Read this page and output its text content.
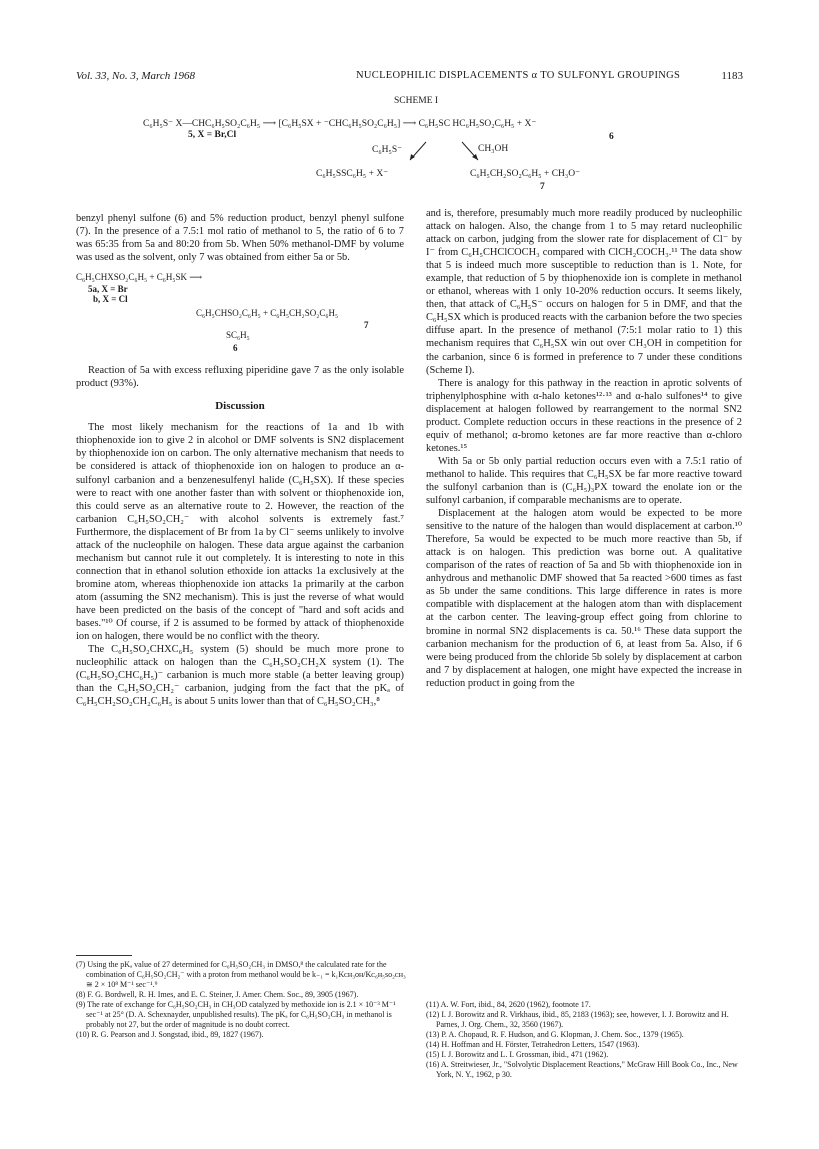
Vol. 33, No. 3, March 1968	NUCLEOPHILIC DISPLACEMENTS α TO SULFONYL GROUPINGS	1183
SCHEME I
C₆H₅S⁻ X—CHC₆H₅SO₂C₆H₅ ⟶ [C₆H₅SX + ⁻CHC₆H₅SO₂C₆H₅] ⟶ C₆H₅SC HC₆H₅SO₂C₆H₅ + X⁻
5, X = Br,Cl	6
C₆H₅S⁻	CH₃OH
C₆H₅SSC₆H₅ + X⁻	C₆H₅CH₂SO₂C₆H₅ + CH₃O⁻
7

benzyl phenyl sulfone (6) and 5% reduction product, benzyl phenyl sulfone (7). In the presence of a 7.5:1 mol ratio of methanol to 5, the ratio of 6 to 7 was 65:35 from 5a and 80:20 from 5b. When 50% methanol-DMF by volume was used as the solvent, only 7 was obtained from either 5a or 5b.

C₆H₅CHXSO₂C₆H₅ + C₆H₅SK ⟶
5a, X = Br
b, X = Cl
C₆H₅CHSO₂C₆H₅ + C₆H₅CH₂SO₂C₆H₅
SC₆H₅
6
7

Reaction of 5a with excess refluxing piperidine gave 7 as the only isolable product (93%).

Discussion

The most likely mechanism for the reactions of 1a and 1b with thiophenoxide ion to give 2 in alcohol or DMF solvents is SN2 displacement by thiophenoxide ion on carbon. The only alternative mechanism that needs to be considered is attack of thiophenoxide ion on halogen to produce an α-sulfonyl carbanion and a benzenesulfenyl halide (C₆H₅SX). If these species were to react with one another faster than with solvent or thiophenoxide ion, this could serve as an alternative route to 2. However, the reaction of the carbanion C₆H₅SO₂CH₂⁻ with alcohol solvents is extremely fast.⁷ Furthermore, the displacement of Br from 1a by Cl⁻ seems unlikely to involve attack of the nucleophile on halogen. These data argue against the carbanion mechanism but cannot rule it out completely. It is interesting to note in this connection that in ethanol solution ethoxide ion attacks 1a exclusively at the bromine atom, whereas thiophenoxide ion attacks 1a primarily at the carbon atom (assuming the SN2 mechanism). This is just the reverse of what would have been predicted on the basis of the concept of "hard and soft acids and bases."¹⁰ Of course, if 2 is assumed to be formed by attack of thiophenoxide ion on halogen, there would be no conflict with the theory.

The C₆H₅SO₂CHXC₆H₅ system (5) should be much more prone to nucleophilic attack on halogen than the C₆H₅SO₂CH₂X system (1). The (C₆H₅SO₂CHC₆H₅)⁻ carbanion is much more stable (a better leaving group) than the C₆H₅SO₂CH₂⁻ carbanion, judging from the fact that the pKₐ of C₆H₅CH₂SO₂CH₂C₆H₅ is about 5 units lower than that of C₆H₅SO₂CH₃,⁸

and is, therefore, presumably much more readily produced by nucleophilic attack on halogen. Also, the change from 1 to 5 may retard nucleophilic attack on carbon, judging from the slower rate for displacement of Cl⁻ by I⁻ from C₆H₅CHClCOCH₃ compared with ClCH₂COCH₃.¹¹ The data show that 5 is indeed much more susceptible to reduction than is 1. Note, for example, that reduction of 5 by thiophenoxide ion is complete in methanol or ethanol, whereas with 1 only 10-20% reduction occurs. It seems likely, then, that attack of C₆H₅S⁻ occurs on halogen for 5 in DMF, and that the C₆H₅SX which is produced reacts with the carbanion before the two species diffuse apart. In the presence of methanol (7:5:1 molar ratio to 1) this mechanism requires that C₆H₅SX win out over CH₃OH in competition for the carbanion, since 6 is formed in preference to 7 under these conditions (Scheme I).

There is analogy for this pathway in the reaction in aprotic solvents of triphenylphosphine with α-halo ketones¹²·¹³ and α-halo sulfones¹⁴ to give displacement at halogen followed by rearrangement to the normal SN2 product. Complete reduction occurs in these reactions in the presence of 2 equiv of methanol; α-bromo ketones are far more reactive than α-chloro ketones.¹⁵

With 5a or 5b only partial reduction occurs even with a 7.5:1 ratio of methanol to halide. This requires that C₆H₅SX be far more reactive toward the sulfonyl carbanion than is (C₆H₅)₃PX toward the enolate ion or the sulfonyl carbanion, if comparable mechanisms are to operate.

Displacement at the halogen atom would be expected to be more sensitive to the nature of the halogen than would displacement at carbon.¹⁰ Therefore, 5a would be expected to be much more reactive than 5b, if attack is on halogen. This prediction was borne out. A qualitative comparison of the rates of reaction of 5a and 5b with thiophenoxide ion in anhydrous and methanolic DMF showed that 5a reacted >600 times as fast as 5b under the same conditions. This large difference in rates is more compatible with displacement at the halogen atom than with displacement at the carbon center. The leaving-group effect going from chlorine to bromine in normal SN2 displacements is ca. 50.¹⁶ These data support the carbanion mechanism for the production of 6, at least from 5a. Also, if 6 were being produced from the chloride 5b solely by displacement at carbon and 7 by displacement at halogen, one might have expected the increase in reduction product in going from the

(7) Using the pKₐ value of 27 determined for C₆H₅SO₂CH₃ in DMSO,⁸ the calculated rate for the combination of C₆H₅SO₂CH₂⁻ with a proton from methanol would be k₋₁ = k₁Kᴄʜ₃ᴏʜ/Kᴄ₆ʜ₅sᴏ₂ᴄʜ₃ ≅ 2 × 10⁸ M⁻¹ sec⁻¹.⁹
(8) F. G. Bordwell, R. H. Imes, and E. C. Steiner, J. Amer. Chem. Soc., 89, 3905 (1967).
(9) The rate of exchange for C₆H₅SO₂CH₃ in CH₃OD catalyzed by methoxide ion is 2.1 × 10⁻³ M⁻¹ sec⁻¹ at 25° (D. A. Schexnayder, unpublished results). The pKₐ for C₆H₅SO₂CH₃ in methanol is probably not 27, but the order of magnitude is no doubt correct.
(10) R. G. Pearson and J. Songstad, ibid., 89, 1827 (1967).
(11) A. W. Fort, ibid., 84, 2620 (1962), footnote 17.
(12) I. J. Borowitz and R. Virkhaus, ibid., 85, 2183 (1963); see, however, I. J. Borowitz and H. Parnes, J. Org. Chem., 32, 3560 (1967).
(13) P. A. Chopaud, R. F. Hudson, and G. Klopman, J. Chem. Soc., 1379 (1965).
(14) H. Hoffman and H. Förster, Tetrahedron Letters, 1547 (1963).
(15) I. J. Borowitz and L. I. Grossman, ibid., 471 (1962).
(16) A. Streitwieser, Jr., "Solvolytic Displacement Reactions," McGraw Hill Book Co., Inc., New York, N. Y., 1962, p 30.
